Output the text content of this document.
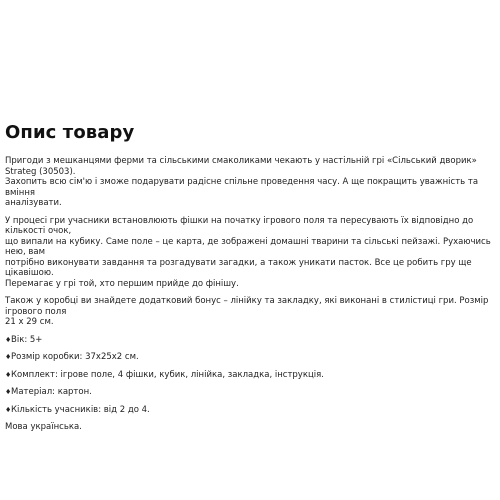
Опис товару

Пригоди з мешканцями ферми та сільськими смаколиками чекають у настільній грі «Сільський дворик» Strateg (30503).
Захопить всю сім'ю і зможе подарувати радісне спільне проведення часу. А ще покращить уважність та вміння
аналізувати.

У процесі гри учасники встановлюють фішки на початку ігрового поля та пересувають їх відповідно до кількості очок,
що випали на кубику. Саме поле – це карта, де зображені домашні тварини та сільські пейзажі. Рухаючись нею, вам
потрібно виконувати завдання та розгадувати загадки, а також уникати пасток. Все це робить гру ще цікавішою.
Перемагає у грі той, хто першим прийде до фінішу.

Також у коробці ви знайдете додатковий бонус – лінійку та закладку, які виконані в стилістиці гри. Розмір ігрового поля
21 х 29 см.

♦Вік: 5+
♦Розмір коробки: 37х25х2 см.
♦Комплект: ігрове поле, 4 фішки, кубик, лінійка, закладка, інструкція.
♦Матеріал: картон.
♦Кількість учасників: від 2 до 4.

Мова українська.
